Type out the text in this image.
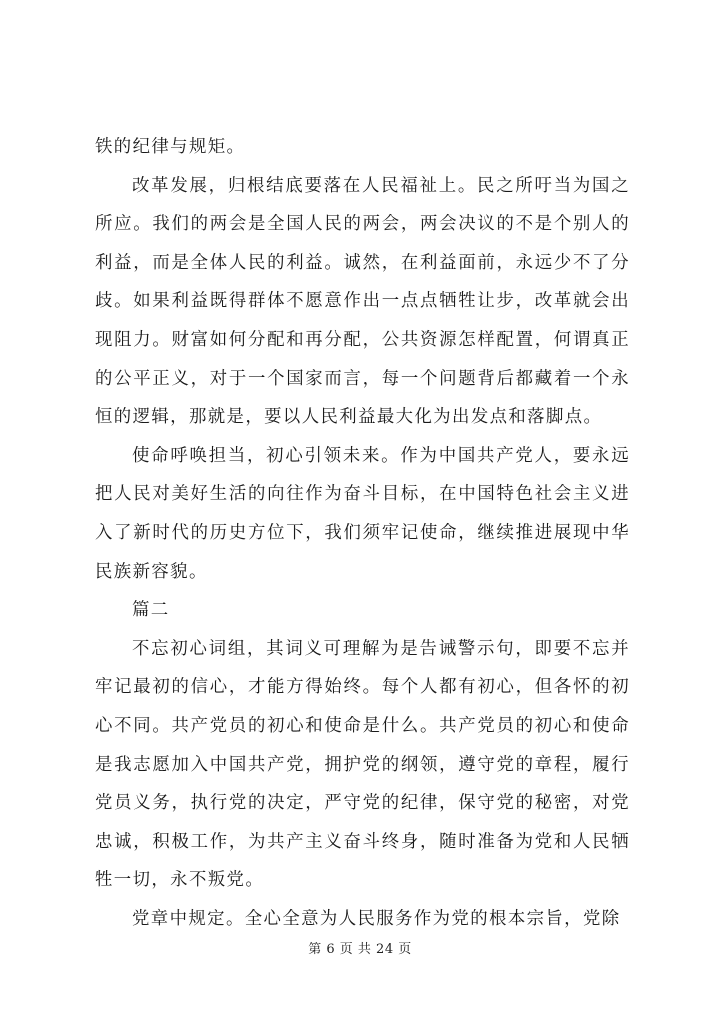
铁的纪律与规矩。

改革发展，归根结底要落在人民福祉上。民之所吁当为国之所应。我们的两会是全国人民的两会，两会决议的不是个别人的利益，而是全体人民的利益。诚然，在利益面前，永远少不了分歧。如果利益既得群体不愿意作出一点点牺牲让步，改革就会出现阻力。财富如何分配和再分配，公共资源怎样配置，何谓真正的公平正义，对于一个国家而言，每一个问题背后都藏着一个永恒的逻辑，那就是，要以人民利益最大化为出发点和落脚点。

使命呼唤担当，初心引领未来。作为中国共产党人，要永远把人民对美好生活的向往作为奋斗目标，在中国特色社会主义进入了新时代的历史方位下，我们须牢记使命，继续推进展现中华民族新容貌。

篇二

不忘初心词组，其词义可理解为是告诫警示句，即要不忘并牢记最初的信心，才能方得始终。每个人都有初心，但各怀的初心不同。共产党员的初心和使命是什么。共产党员的初心和使命是我志愿加入中国共产党，拥护党的纲领，遵守党的章程，履行党员义务，执行党的决定，严守党的纪律，保守党的秘密，对党忠诚，积极工作，为共产主义奋斗终身，随时准备为党和人民牺牲一切，永不叛党。

党章中规定。全心全意为人民服务作为党的根本宗旨，党除

第 6 页 共 24 页
